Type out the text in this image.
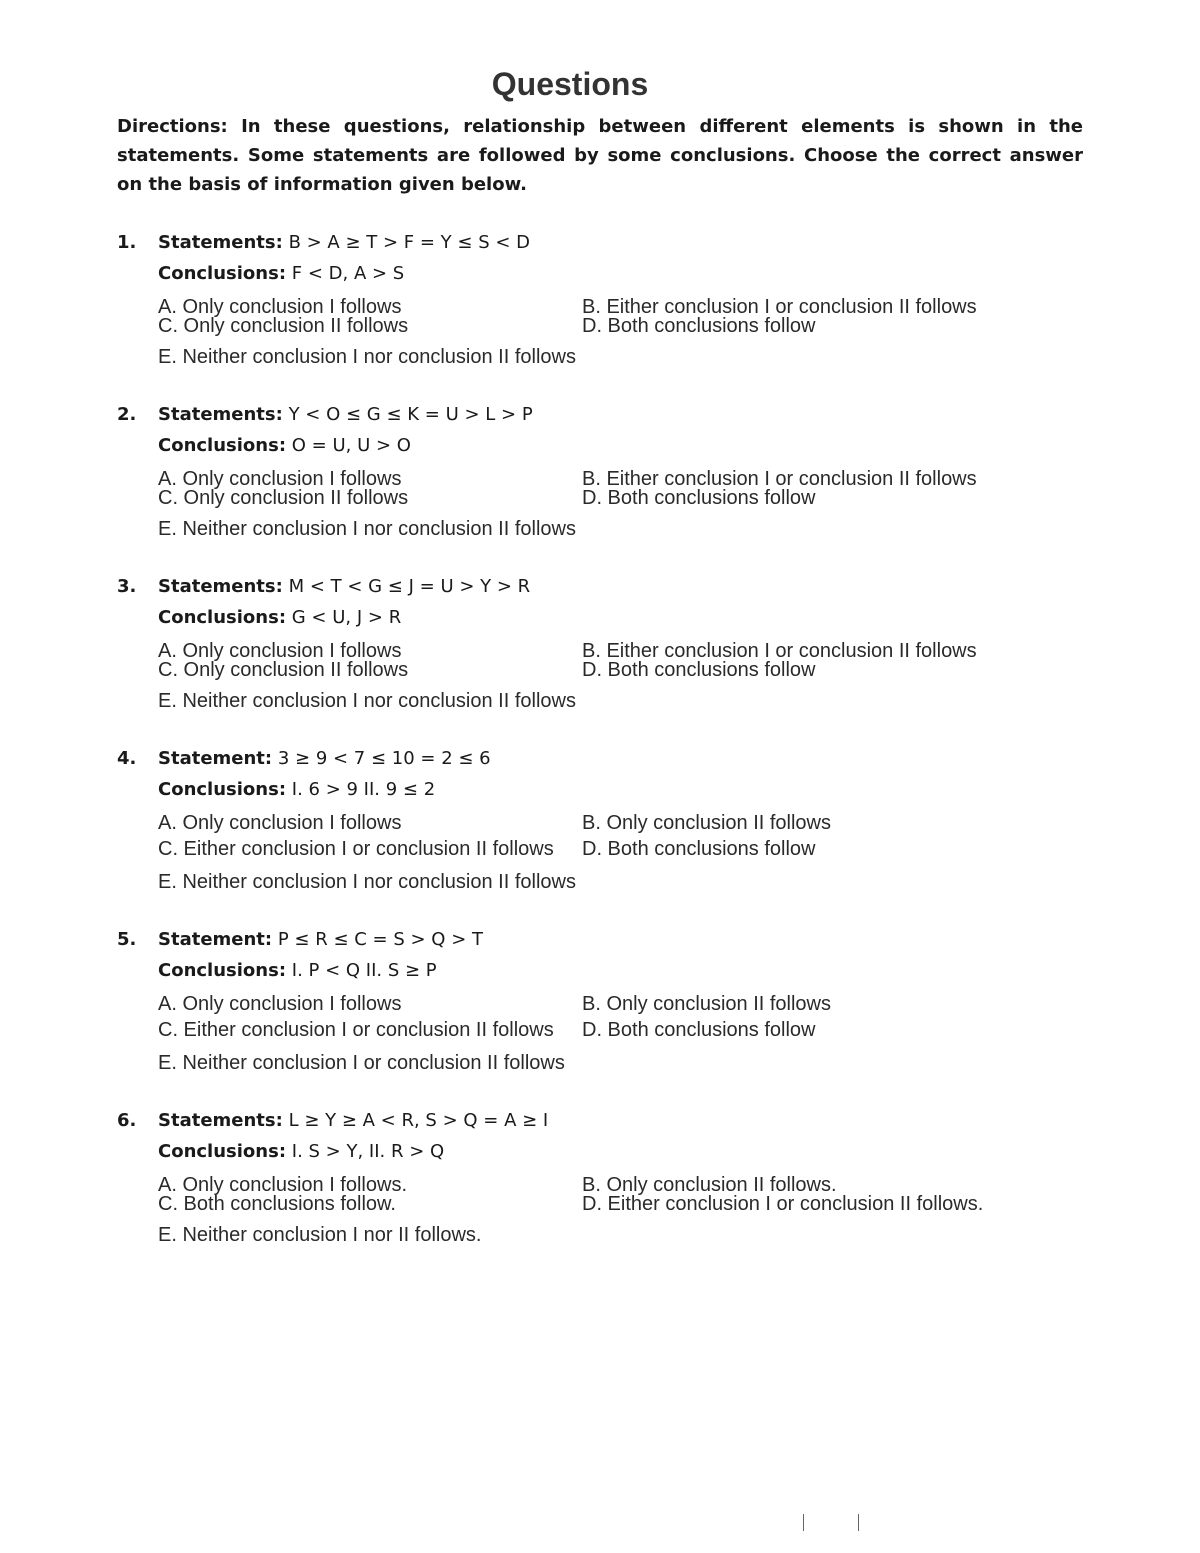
Questions
Directions: In these questions, relationship between different elements is shown in the statements. Some statements are followed by some conclusions. Choose the correct answer on the basis of information given below.
1. Statements: B > A ≥ T > F = Y ≤ S < D
Conclusions: F < D, A > S
A. Only conclusion I follows	B. Either conclusion I or conclusion II follows
C. Only conclusion II follows	D. Both conclusions follow
E. Neither conclusion I nor conclusion II follows
2. Statements: Y < O ≤ G ≤ K = U > L > P
Conclusions: O = U, U > O
A. Only conclusion I follows	B. Either conclusion I or conclusion II follows
C. Only conclusion II follows	D. Both conclusions follow
E. Neither conclusion I nor conclusion II follows
3. Statements: M < T < G ≤ J = U > Y > R
Conclusions: G < U, J > R
A. Only conclusion I follows	B. Either conclusion I or conclusion II follows
C. Only conclusion II follows	D. Both conclusions follow
E. Neither conclusion I nor conclusion II follows
4. Statement: 3 ≥ 9 < 7 ≤ 10 = 2 ≤ 6
Conclusions: I. 6 > 9 II. 9 ≤ 2
A. Only conclusion I follows	B. Only conclusion II follows
C. Either conclusion I or conclusion II follows D. Both conclusions follow
E. Neither conclusion I nor conclusion II follows
5. Statement: P ≤ R ≤ C = S > Q > T
Conclusions: I. P < Q II. S ≥ P
A. Only conclusion I follows	B. Only conclusion II follows
C. Either conclusion I or conclusion II follows D. Both conclusions follow
E. Neither conclusion I or conclusion II follows
6. Statements: L ≥ Y ≥ A < R, S > Q = A ≥ I
Conclusions: I. S > Y, II. R > Q
A. Only conclusion I follows.	B. Only conclusion II follows.
C. Both conclusions follow.	D. Either conclusion I or conclusion II follows.
E. Neither conclusion I nor II follows.
